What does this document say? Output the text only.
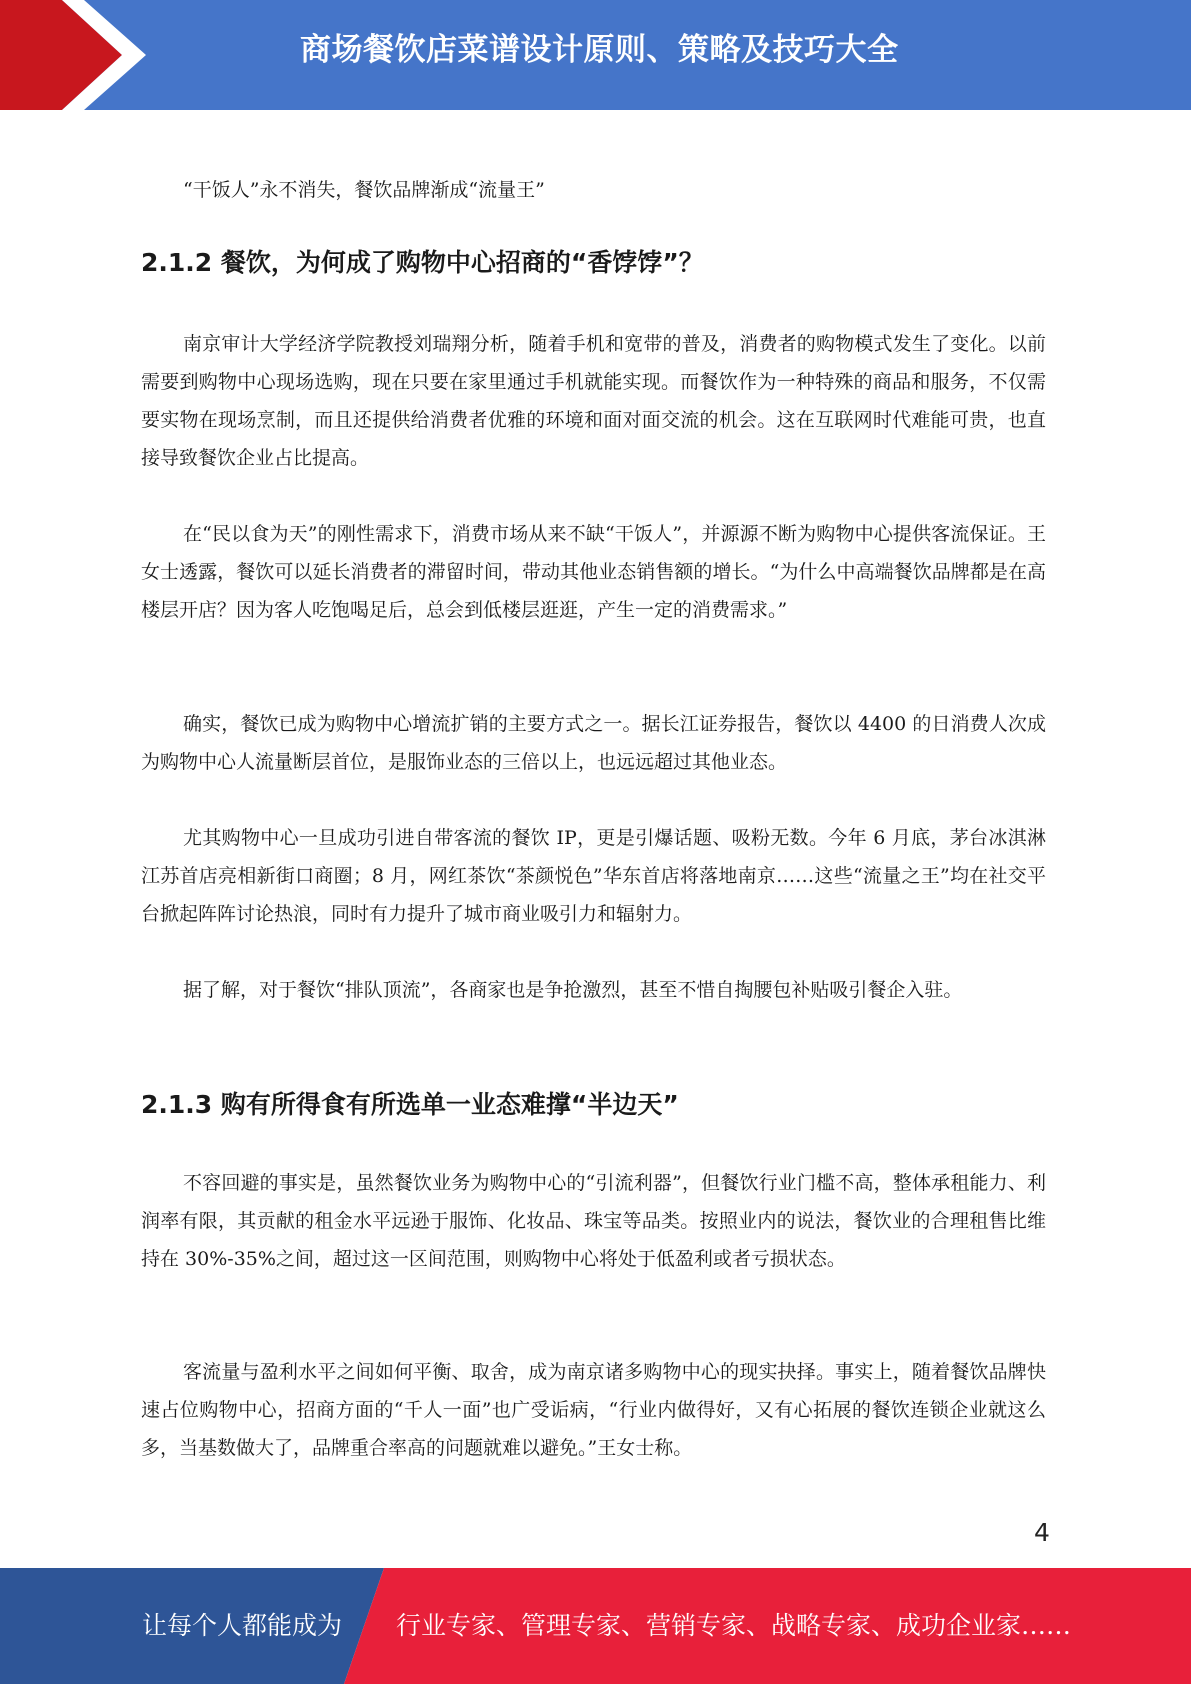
商场餐饮店菜谱设计原则、策略及技巧大全

“干饭人”永不消失，餐饮品牌渐成“流量王”

2.1.2 餐饮，为何成了购物中心招商的“香饽饽”？

南京审计大学经济学院教授刘瑞翔分析，随着手机和宽带的普及，消费者的购物模式发生了变化。以前需要到购物中心现场选购，现在只要在家里通过手机就能实现。而餐饮作为一种特殊的商品和服务，不仅需要实物在现场烹制，而且还提供给消费者优雅的环境和面对面交流的机会。这在互联网时代难能可贵，也直接导致餐饮企业占比提高。

在“民以食为天”的刚性需求下，消费市场从来不缺“干饭人”，并源源不断为购物中心提供客流保证。王女士透露，餐饮可以延长消费者的滞留时间，带动其他业态销售额的增长。“为什么中高端餐饮品牌都是在高楼层开店？因为客人吃饱喝足后，总会到低楼层逛逛，产生一定的消费需求。”

确实，餐饮已成为购物中心增流扩销的主要方式之一。据长江证券报告，餐饮以 4400 的日消费人次成为购物中心人流量断层首位，是服饰业态的三倍以上，也远远超过其他业态。

尤其购物中心一旦成功引进自带客流的餐饮 IP，更是引爆话题、吸粉无数。今年 6 月底，茅台冰淇淋江苏首店亮相新街口商圈；8 月，网红茶饮“茶颜悦色”华东首店将落地南京……这些“流量之王”均在社交平台掀起阵阵讨论热浪，同时有力提升了城市商业吸引力和辐射力。

据了解，对于餐饮“排队顶流”，各商家也是争抢激烈，甚至不惜自掏腰包补贴吸引餐企入驻。

2.1.3 购有所得食有所选单一业态难撑“半边天”

不容回避的事实是，虽然餐饮业务为购物中心的“引流利器”，但餐饮行业门槛不高，整体承租能力、利润率有限，其贡献的租金水平远逊于服饰、化妆品、珠宝等品类。按照业内的说法，餐饮业的合理租售比维持在 30%-35%之间，超过这一区间范围，则购物中心将处于低盈利或者亏损状态。

客流量与盈利水平之间如何平衡、取舍，成为南京诸多购物中心的现实抉择。事实上，随着餐饮品牌快速占位购物中心，招商方面的“千人一面”也广受诟病，“行业内做得好，又有心拓展的餐饮连锁企业就这么多，当基数做大了，品牌重合率高的问题就难以避免。”王女士称。

4
让每个人都能成为 行业专家、管理专家、营销专家、战略专家、成功企业家……
